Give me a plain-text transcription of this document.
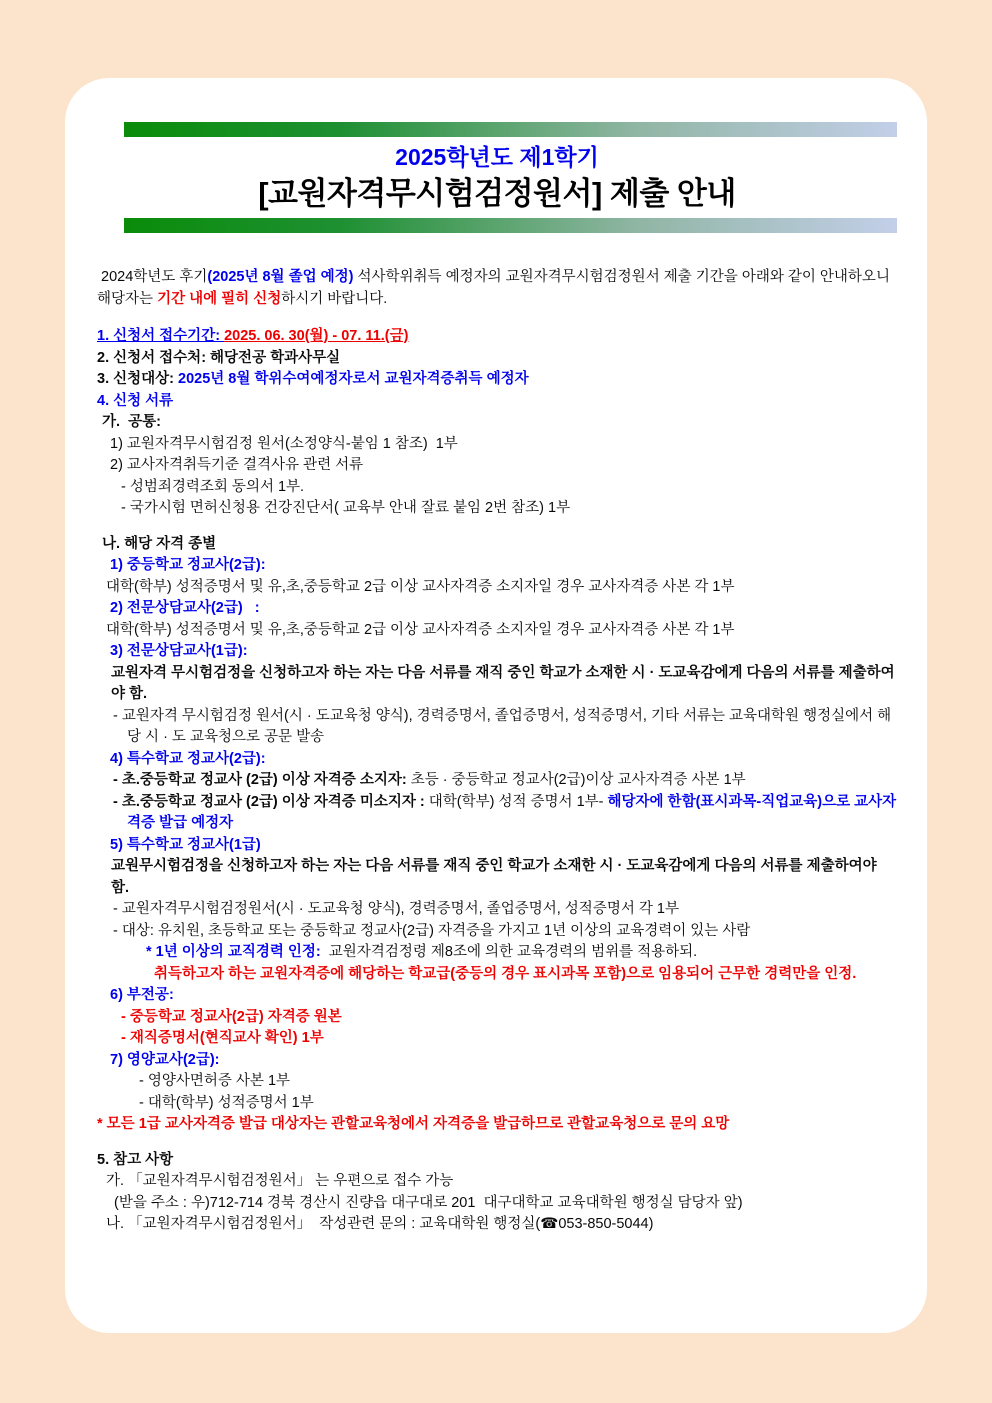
2025학년도 제1학기
[교원자격무시험검정원서] 제출 안내

2024학년도 후기(2025년 8월 졸업 예정) 석사학위취득 예정자의 교원자격무시험검정원서 제출 기간을 아래와 같이 안내하오니 해당자는 기간 내에 필히 신청하시기 바랍니다.

1. 신청서 접수기간: 2025. 06. 30(월) - 07. 11.(금)
2. 신청서 접수처: 해당전공 학과사무실
3. 신청대상: 2025년 8월 학위수여예정자로서 교원자격증취득 예정자
4. 신청 서류
가.  공통:
1) 교원자격무시험검정 원서(소정양식-붙임 1 참조)  1부
2) 교사자격취득기준 결격사유 관련 서류
- 성범죄경력조회 동의서 1부.
- 국가시험 면허신청용 건강진단서( 교육부 안내 잘료 붙임 2번 참조) 1부
나. 해당 자격 종별
1) 중등학교 정교사(2급):
대학(학부) 성적증명서 및 유,초,중등학교 2급 이상 교사자격증 소지자일 경우 교사자격증 사본 각 1부
2) 전문상담교사(2급)   :
대학(학부) 성적증명서 및 유,초,중등학교 2급 이상 교사자격증 소지자일 경우 교사자격증 사본 각 1부
3) 전문상담교사(1급):
교원자격 무시험검정을 신청하고자 하는 자는 다음 서류를 재직 중인 학교가 소재한 시 · 도교육감에게 다음의 서류를 제출하여야 함.
- 교원자격 무시험검정 원서(시 · 도교육청 양식), 경력증명서, 졸업증명서, 성적증명서, 기타 서류는 교육대학원 행정실에서 해당 시 · 도 교육청으로 공문 발송
4) 특수학교 정교사(2급):
- 초.중등학교 정교사 (2급) 이상 자격증 소지자: 초등 · 중등학교 정교사(2급)이상 교사자격증 사본 1부
- 초.중등학교 정교사 (2급) 이상 자격증 미소지자 : 대학(학부) 성적 증명서 1부- 해당자에 한함(표시과목-직업교육)으로 교사자격증 발급 예정자
5) 특수학교 정교사(1급)
교원무시험검정을 신청하고자 하는 자는 다음 서류를 재직 중인 학교가 소재한 시 · 도교육감에게 다음의 서류를 제출하여야 함.
- 교원자격무시험검정원서(시 · 도교육청 양식), 경력증명서, 졸업증명서, 성적증명서 각 1부
- 대상: 유치원, 초등학교 또는 중등학교 정교사(2급) 자격증을 가지고 1년 이상의 교육경력이 있는 사람
* 1년 이상의 교직경력 인정:  교원자격검정령 제8조에 의한 교육경력의 범위를 적용하되.
취득하고자 하는 교원자격증에 해당하는 학교급(중등의 경우 표시과목 포함)으로 임용되어 근무한 경력만을 인정.
6) 부전공:
- 중등학교 정교사(2급) 자격증 원본
- 재직증명서(현직교사 확인) 1부
7) 영양교사(2급):
- 영양사면허증 사본 1부
- 대학(학부) 성적증명서 1부
* 모든 1급 교사자격증 발급 대상자는 관할교육청에서 자격증을 발급하므로 관할교육청으로 문의 요망
5. 참고 사항
가. 「교원자격무시험검정원서」 는 우편으로 접수 가능
(받을 주소 : 우)712-714 경북 경산시 진량읍 대구대로 201  대구대학교 교육대학원 행정실 담당자 앞)
나. 「교원자격무시험검정원서」  작성관련 문의 : 교육대학원 행정실(☎053-850-5044)
